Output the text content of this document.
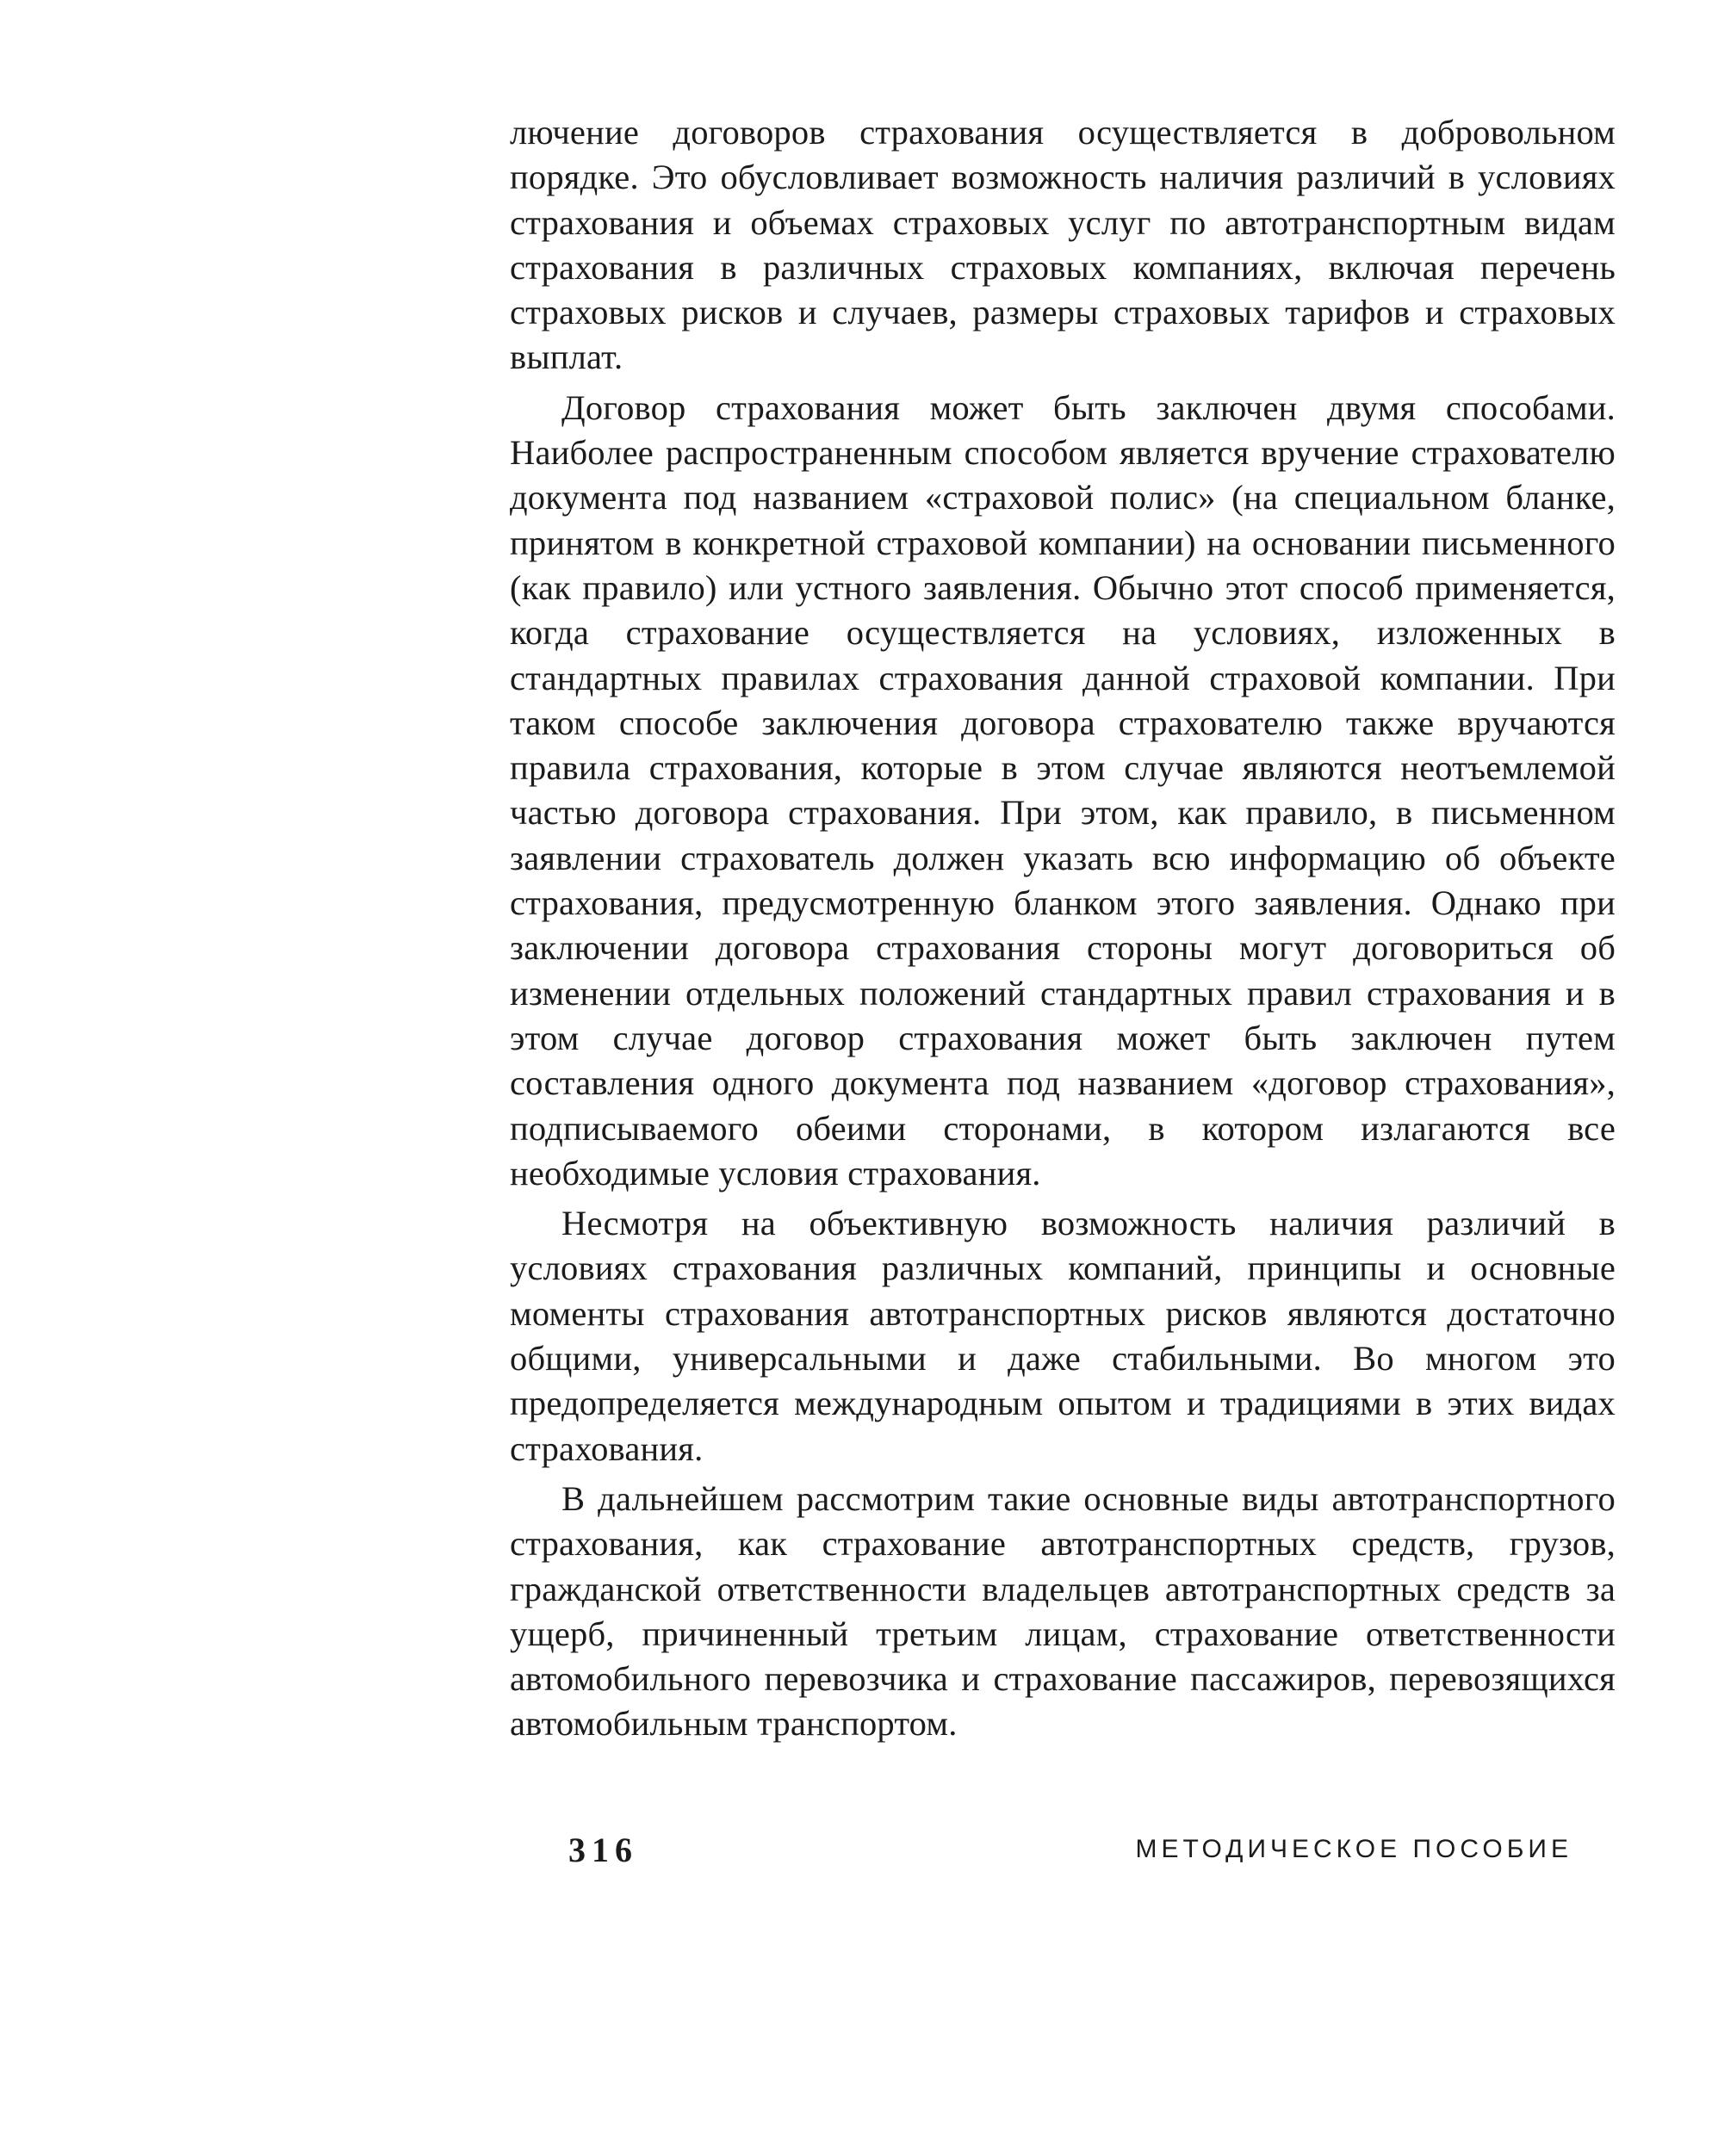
лючение договоров страхования осуществляется в добровольном порядке. Это обусловливает возможность наличия различий в условиях страхования и объемах страховых услуг по автотранспортным видам страхования в различных страховых компаниях, включая перечень страховых рисков и случаев, размеры страховых тарифов и страховых выплат.

Договор страхования может быть заключен двумя способами. Наиболее распространенным способом является вручение страхователю документа под названием «страховой полис» (на специальном бланке, принятом в конкретной страховой компании) на основании письменного (как правило) или устного заявления. Обычно этот способ применяется, когда страхование осуществляется на условиях, изложенных в стандартных правилах страхования данной страховой компании. При таком способе заключения договора страхователю также вручаются правила страхования, которые в этом случае являются неотъемлемой частью договора страхования. При этом, как правило, в письменном заявлении страхователь должен указать всю информацию об объекте страхования, предусмотренную бланком этого заявления. Однако при заключении договора страхования стороны могут договориться об изменении отдельных положений стандартных правил страхования и в этом случае договор страхования может быть заключен путем составления одного документа под названием «договор страхования», подписываемого обеими сторонами, в котором излагаются все необходимые условия страхования.

Несмотря на объективную возможность наличия различий в условиях страхования различных компаний, принципы и основные моменты страхования автотранспортных рисков являются достаточно общими, универсальными и даже стабильными. Во многом это предопределяется международным опытом и традициями в этих видах страхования.

В дальнейшем рассмотрим такие основные виды автотранспортного страхования, как страхование автотранспортных средств, грузов, гражданской ответственности владельцев автотранспортных средств за ущерб, причиненный третьим лицам, страхование ответственности автомобильного перевозчика и страхование пассажиров, перевозящихся автомобильным транспортом.

316	МЕТОДИЧЕСКОЕ ПОСОБИЕ
